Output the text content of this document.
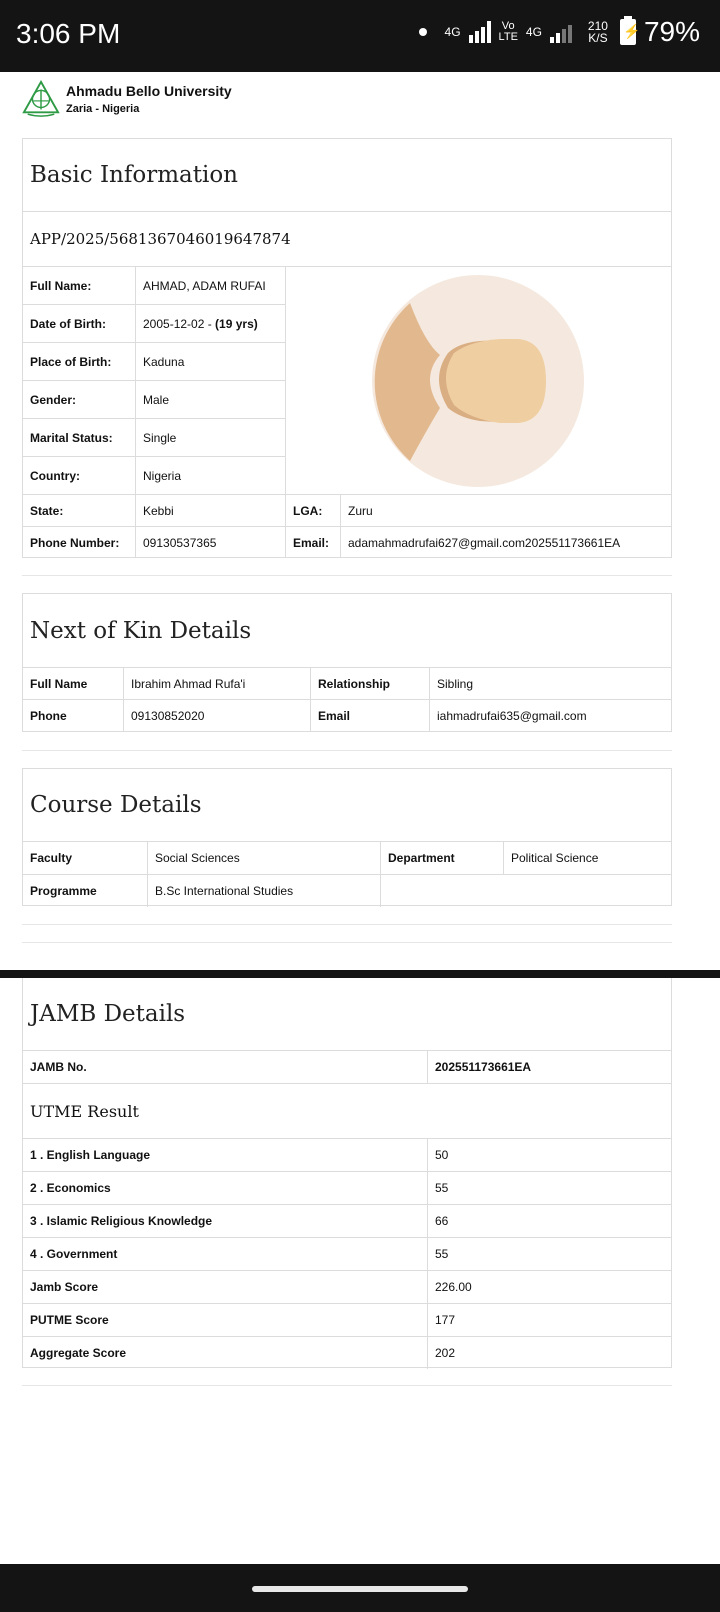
3:06 PM	4G	Vo
LTE 4G	210
K/S ⚡ 79%
Ahmadu Bello University
Zaria - Nigeria
Basic Information
APP/2025/5681367046019647874
Full Name:	AHMAD, ADAM RUFAI	

Date of Birth:	2005-12-02 - (19 yrs)		
Place of Birth:	Kaduna		
Gender:	Male		
Marital Status:	Single		
Country:	Nigeria		
State:	Kebbi	LGA:	Zuru
Phone Number:	09130537365	Email:	adamahmadrufai627@gmail.com202551173661EA
Next of Kin Details
Full Name	Ibrahim Ahmad Rufa'i	Relationship	Sibling
Phone	09130852020	Email	iahmadrufai635@gmail.com
Course Details
Faculty	Social Sciences	Department	Political Science
Programme	B.Sc International Studies		
JAMB Details
JAMB No.	202551173661EA
UTME Result	
1 . English Language	50
2 . Economics	55
3 . Islamic Religious Knowledge	66
4 . Government	55
Jamb Score	226.00
PUTME Score	177
Aggregate Score	202
